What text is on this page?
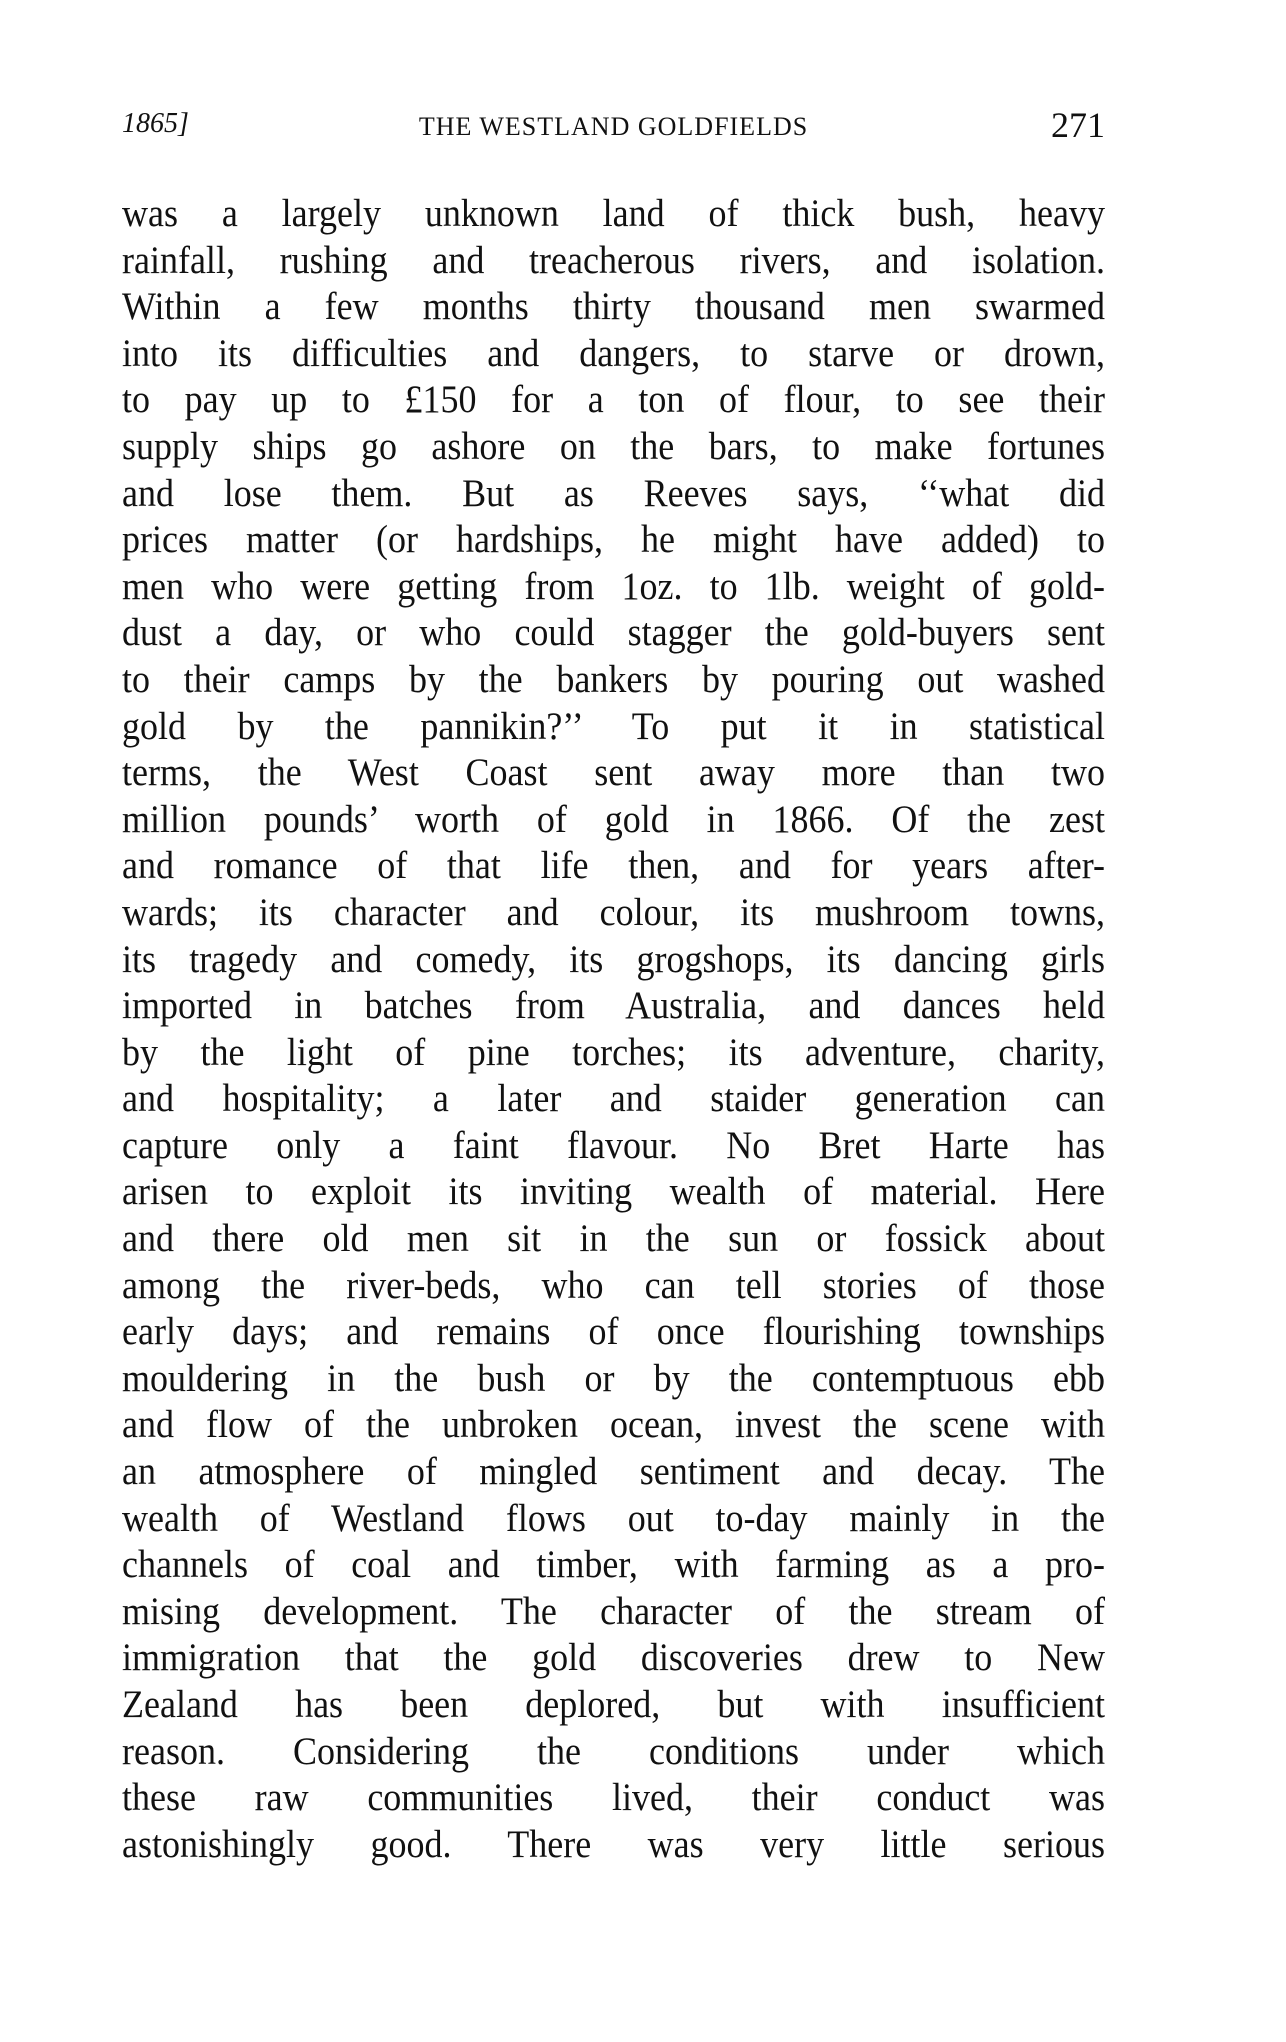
1865]	THE WESTLAND GOLDFIELDS	271
was a largely unknown land of thick bush, heavy
rainfall, rushing and treacherous rivers, and isolation.
Within a few months thirty thousand men swarmed
into its difficulties and dangers, to starve or drown,
to pay up to £150 for a ton of flour, to see their
supply ships go ashore on the bars, to make fortunes
and lose them. But as Reeves says, ‘‘what did
prices matter (or hardships, he might have added) to
men who were getting from 1oz. to 1lb. weight of gold-
dust a day, or who could stagger the gold-buyers sent
to their camps by the bankers by pouring out washed
gold by the pannikin?’’ To put it in statistical
terms, the West Coast sent away more than two
million pounds’ worth of gold in 1866. Of the zest
and romance of that life then, and for years after-
wards; its character and colour, its mushroom towns,
its tragedy and comedy, its grogshops, its dancing girls
imported in batches from Australia, and dances held
by the light of pine torches; its adventure, charity,
and hospitality; a later and staider generation can
capture only a faint flavour. No Bret Harte has
arisen to exploit its inviting wealth of material. Here
and there old men sit in the sun or fossick about
among the river-beds, who can tell stories of those
early days; and remains of once flourishing townships
mouldering in the bush or by the contemptuous ebb
and flow of the unbroken ocean, invest the scene with
an atmosphere of mingled sentiment and decay. The
wealth of Westland flows out to-day mainly in the
channels of coal and timber, with farming as a pro-
mising development. The character of the stream of
immigration that the gold discoveries drew to New
Zealand has been deplored, but with insufficient
reason. Considering the conditions under which
these raw communities lived, their conduct was
astonishingly good. There was very little serious
